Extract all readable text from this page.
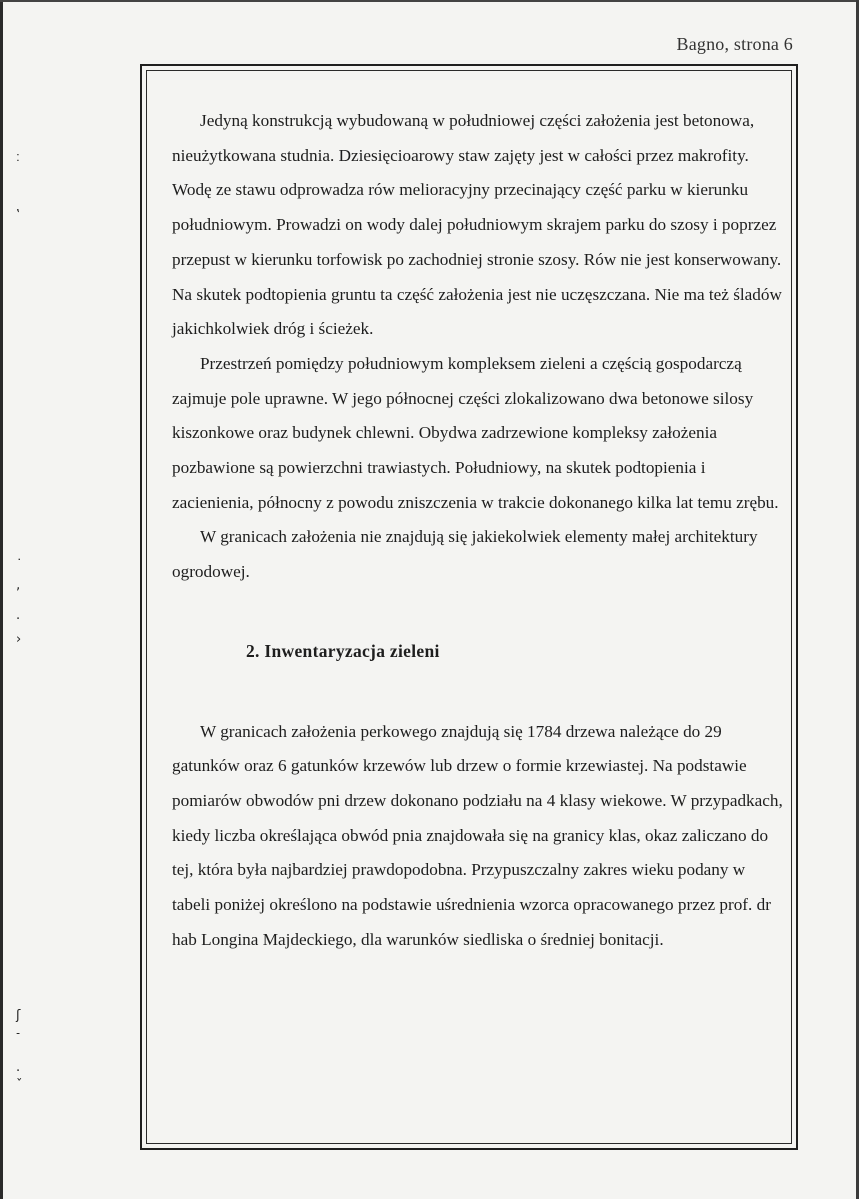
Bagno, strona 6
׃
‛
˙
‚
·
›
ʃ
˗
·
ˇ

Jedyną konstrukcją wybudowaną w południowej części założenia jest betonowa, nieużytkowana studnia. Dziesięcioarowy staw zajęty jest w całości przez makrofity. Wodę ze stawu odprowadza rów melioracyjny przecinający część parku w kierunku południowym. Prowadzi on wody dalej południowym skrajem parku do szosy i poprzez przepust w kierunku torfowisk po zachodniej stronie szosy. Rów nie jest konserwowany. Na skutek podtopienia gruntu ta część założenia jest nie uczęszczana. Nie ma też śladów jakichkolwiek dróg i ścieżek.

Przestrzeń pomiędzy południowym kompleksem zieleni a częścią gospodarczą zajmuje pole uprawne. W jego północnej części zlokalizowano dwa betonowe silosy kiszonkowe oraz budynek chlewni. Obydwa zadrzewione kompleksy założenia pozbawione są powierzchni trawiastych. Południowy, na skutek podtopienia i zacienienia, północny z powodu zniszczenia w trakcie dokonanego kilka lat temu zrębu.

W granicach założenia nie znajdują się jakiekolwiek elementy małej architektury ogrodowej.

2. Inwentaryzacja zieleni

W granicach założenia perkowego znajdują się 1784 drzewa należące do 29 gatunków oraz 6 gatunków krzewów lub drzew o formie krzewiastej. Na podstawie pomiarów obwodów pni drzew dokonano podziału na 4 klasy wiekowe. W przypadkach, kiedy liczba określająca obwód pnia znajdowała się na granicy klas, okaz zaliczano do tej, która była najbardziej prawdopodobna. Przypuszczalny zakres wieku podany w tabeli poniżej określono na podstawie uśrednienia wzorca opracowanego przez prof. dr hab Longina Majdeckiego, dla warunków siedliska o średniej bonitacji.
